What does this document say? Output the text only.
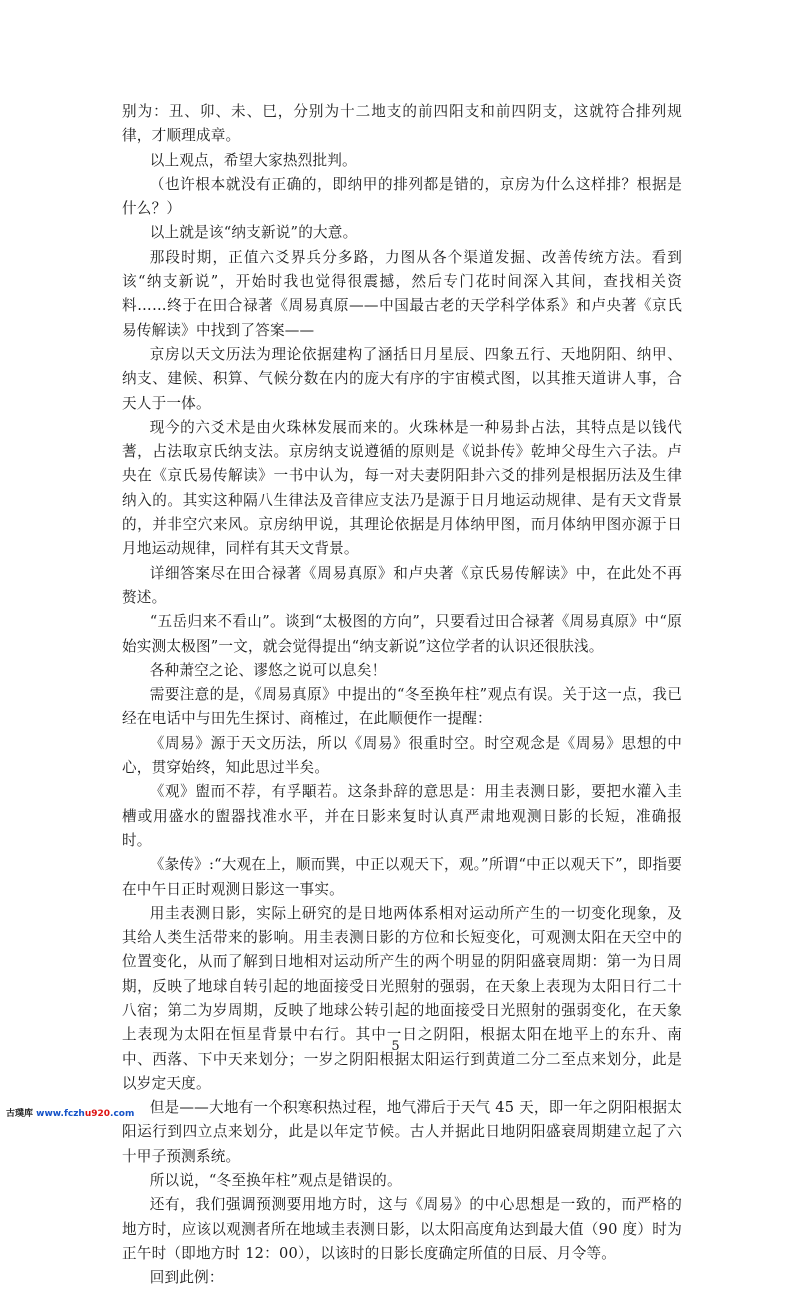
别为：丑、卯、未、巳，分别为十二地支的前四阳支和前四阴支，这就符合排列规律，才顺理成章。

以上观点，希望大家热烈批判。

（也许根本就没有正确的，即纳甲的排列都是错的，京房为什么这样排？根据是什么？）

以上就是该“纳支新说”的大意。

那段时期，正值六爻界兵分多路，力图从各个渠道发掘、改善传统方法。看到该“纳支新说”，开始时我也觉得很震撼，然后专门花时间深入其间，查找相关资料……终于在田合禄著《周易真原——中国最古老的天学科学体系》和卢央著《京氏易传解读》中找到了答案——

京房以天文历法为理论依据建构了涵括日月星辰、四象五行、天地阴阳、纳甲、纳支、建候、积算、气候分数在内的庞大有序的宇宙模式图，以其推天道讲人事，合天人于一体。

现今的六爻术是由火珠林发展而来的。火珠林是一种易卦占法，其特点是以钱代蓍，占法取京氏纳支法。京房纳支说遵循的原则是《说卦传》乾坤父母生六子法。卢央在《京氏易传解读》一书中认为，每一对夫妻阴阳卦六爻的排列是根据历法及生律纳入的。其实这种隔八生律法及音律应支法乃是源于日月地运动规律、是有天文背景的，并非空穴来风。京房纳甲说，其理论依据是月体纳甲图，而月体纳甲图亦源于日月地运动规律，同样有其天文背景。

详细答案尽在田合禄著《周易真原》和卢央著《京氏易传解读》中，在此处不再赘述。

“五岳归来不看山”。谈到“太极图的方向”，只要看过田合禄著《周易真原》中“原始实测太极图”一文，就会觉得提出“纳支新说”这位学者的认识还很肤浅。

各种萧空之论、谬悠之说可以息矣！

需要注意的是，《周易真原》中提出的“冬至换年柱”观点有误。关于这一点，我已经在电话中与田先生探讨、商榷过，在此顺便作一提醒：

《周易》源于天文历法，所以《周易》很重时空。时空观念是《周易》思想的中心，贯穿始终，知此思过半矣。

《观》盥而不荐，有孚顒若。这条卦辞的意思是：用圭表测日影，要把水灌入圭槽或用盛水的盥器找准水平，并在日影来复时认真严肃地观测日影的长短，准确报时。

《彖传》:“大观在上，顺而巽，中正以观天下，观。”所谓“中正以观天下”，即指要在中午日正时观测日影这一事实。

用圭表测日影，实际上研究的是日地两体系相对运动所产生的一切变化现象，及其给人类生活带来的影响。用圭表测日影的方位和长短变化，可观测太阳在天空中的位置变化，从而了解到日地相对运动所产生的两个明显的阴阳盛衰周期：第一为日周期，反映了地球自转引起的地面接受日光照射的强弱，在天象上表现为太阳日行二十八宿；第二为岁周期，反映了地球公转引起的地面接受日光照射的强弱变化，在天象上表现为太阳在恒星背景中右行。其中一日之阴阳，根据太阳在地平上的东升、南中、西落、下中天来划分；一岁之阴阳根据太阳运行到黄道二分二至点来划分，此是以岁定天度。

但是——大地有一个积寒积热过程，地气滞后于天气 45 天，即一年之阴阳根据太阳运行到四立点来划分，此是以年定节候。古人并据此日地阴阳盛衰周期建立起了六十甲子预测系统。

所以说，“冬至换年柱”观点是错误的。

还有，我们强调预测要用地方时，这与《周易》的中心思想是一致的，而严格的地方时，应该以观测者所在地域圭表测日影，以太阳高度角达到最大值（90 度）时为正午时（即地方时 12：00），以该时的日影长度确定所值的日辰、月令等。

回到此例：

5
古璞库 www.fczhu920.com
